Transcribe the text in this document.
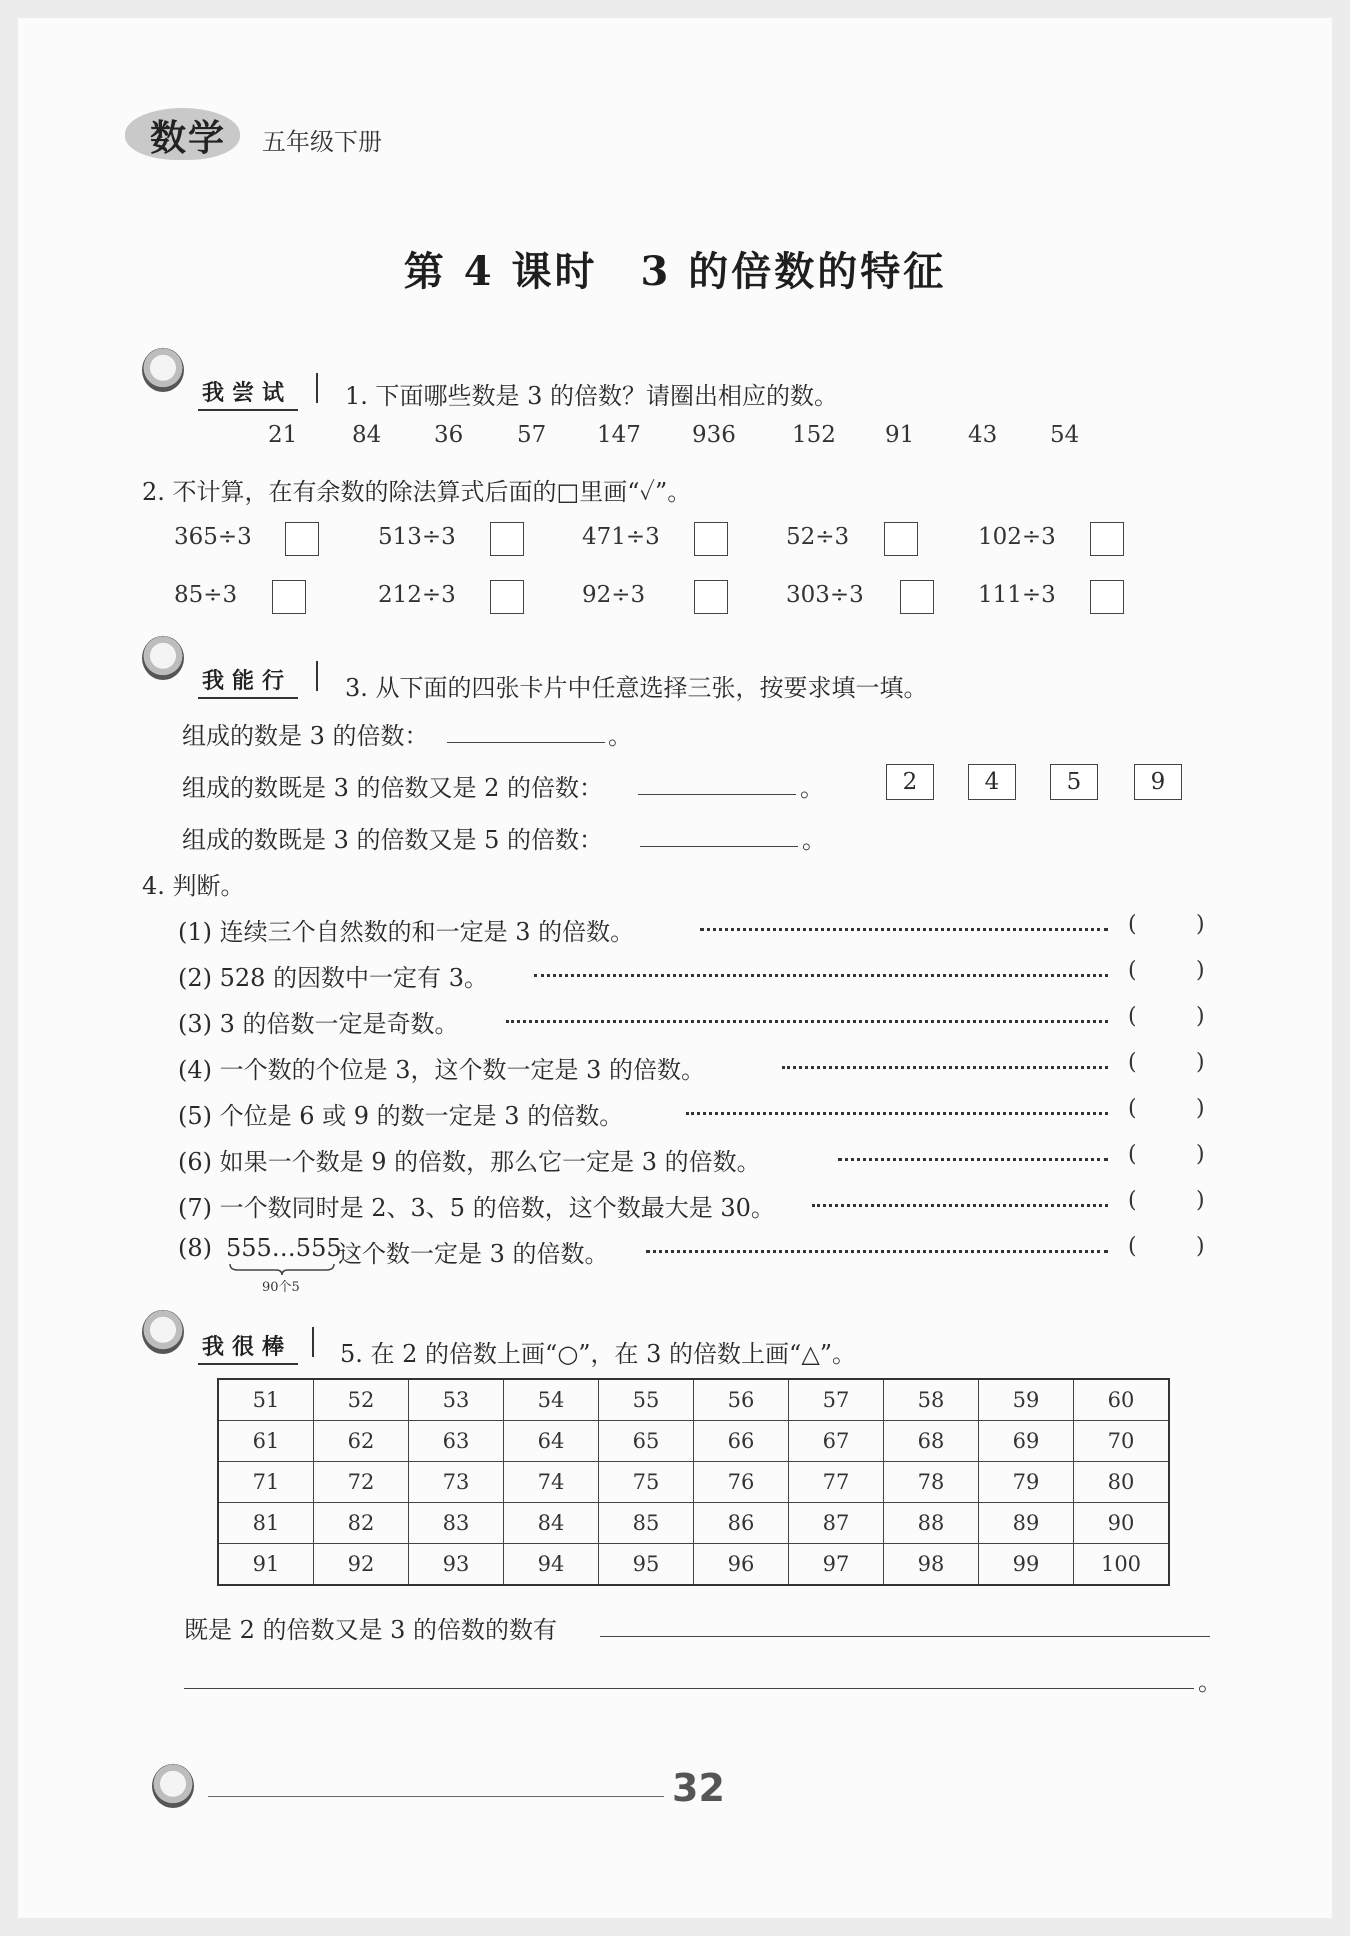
数学 五年级下册
第 4 课时　3 的倍数的特征
我尝试 1. 下面哪些数是 3 的倍数？请圈出相应的数。
21 84 36 57 147 936 152 91 43 54
2. 不计算，在有余数的除法算式后面的□里画“✓”。
365÷3	513÷3	471÷3	52÷3	102÷3
85÷3	212÷3	92÷3	303÷3	111÷3
我能行 3. 从下面的四张卡片中任意选择三张，按要求填一填。
组成的数是 3 的倍数：	。
组成的数既是 3 的倍数又是 2 的倍数：	。
组成的数既是 3 的倍数又是 5 的倍数：	。
2	4	5	9
4. 判断。
(1) 连续三个自然数的和一定是 3 的倍数。	(	)
(2) 528 的因数中一定有 3。	(	)
(3) 3 的倍数一定是奇数。	(	)
(4) 一个数的个位是 3，这个数一定是 3 的倍数。	(	)
(5) 个位是 6 或 9 的数一定是 3 的倍数。	(	)
(6) 如果一个数是 9 的倍数，那么它一定是 3 的倍数。	(	)
(7) 一个数同时是 2、3、5 的倍数，这个数最大是 30。	(	)
(8) 555…555
90个5
这个数一定是 3 的倍数。	(	)
我很棒 5. 在 2 的倍数上画“○”，在 3 的倍数上画“△”。
51	52	53	54	55	56	57	58	59	60
61	62	63	64	65	66	67	68	69	70
71	72	73	74	75	76	77	78	79	80
81	82	83	84	85	86	87	88	89	90
91	92	93	94	95	96	97	98	99	100
既是 2 的倍数又是 3 的倍数的数有
。
32
